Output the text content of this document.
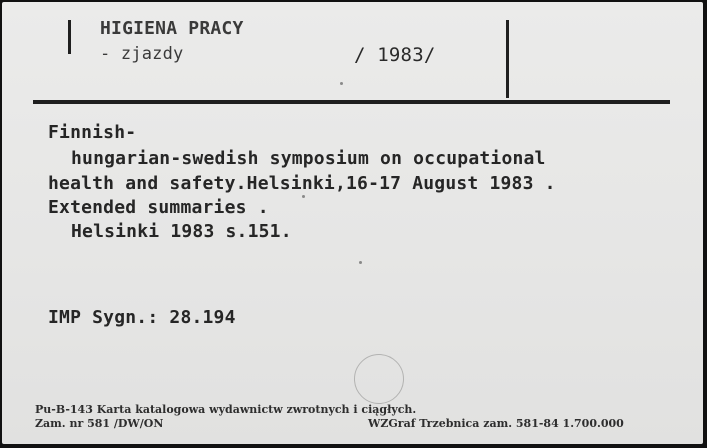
HIGIENA PRACY
- zjazdy	/ 1983/
Finnish-
hungarian-swedish symposium on occupational
health and safety.Helsinki,16-17 August 1983 .
Extended summaries .
Helsinki 1983 s.151.
IMP Sygn.: 28.194
Pu-B-143 Karta katalogowa wydawnictw zwrotnych i ciągłych.
Zam. nr 581 /DW/ON	WZGraf Trzebnica zam. 581-84 1.700.000
